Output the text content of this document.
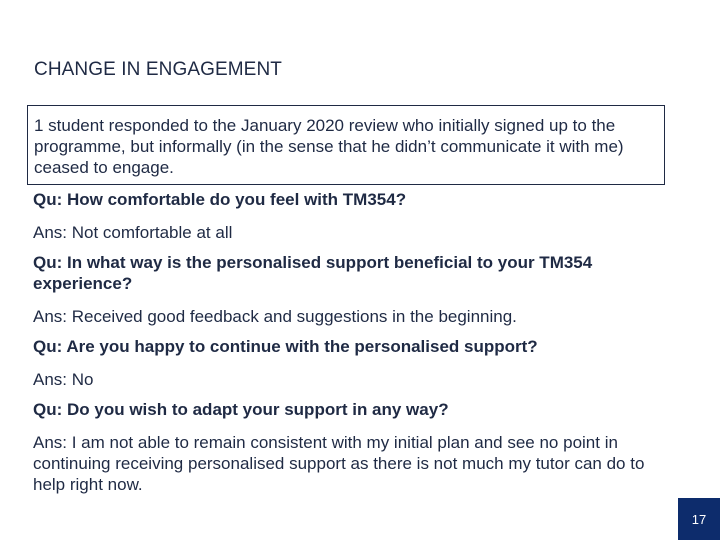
CHANGE IN ENGAGEMENT
1 student responded to the January 2020 review who initially signed up to the programme, but informally (in the sense that he didn’t communicate it with me) ceased to engage.

Qu: How comfortable do you feel with TM354?

Ans: Not comfortable at all

Qu: In what way is the personalised support beneficial to your TM354 experience?

Ans: Received good feedback and suggestions in the beginning.

Qu: Are you happy to continue with the personalised support?

Ans: No

Qu: Do you wish to adapt your support in any way?

Ans: I am not able to remain consistent with my initial plan and see no point in continuing receiving personalised support as there is not much my tutor can do to help right now.

17
